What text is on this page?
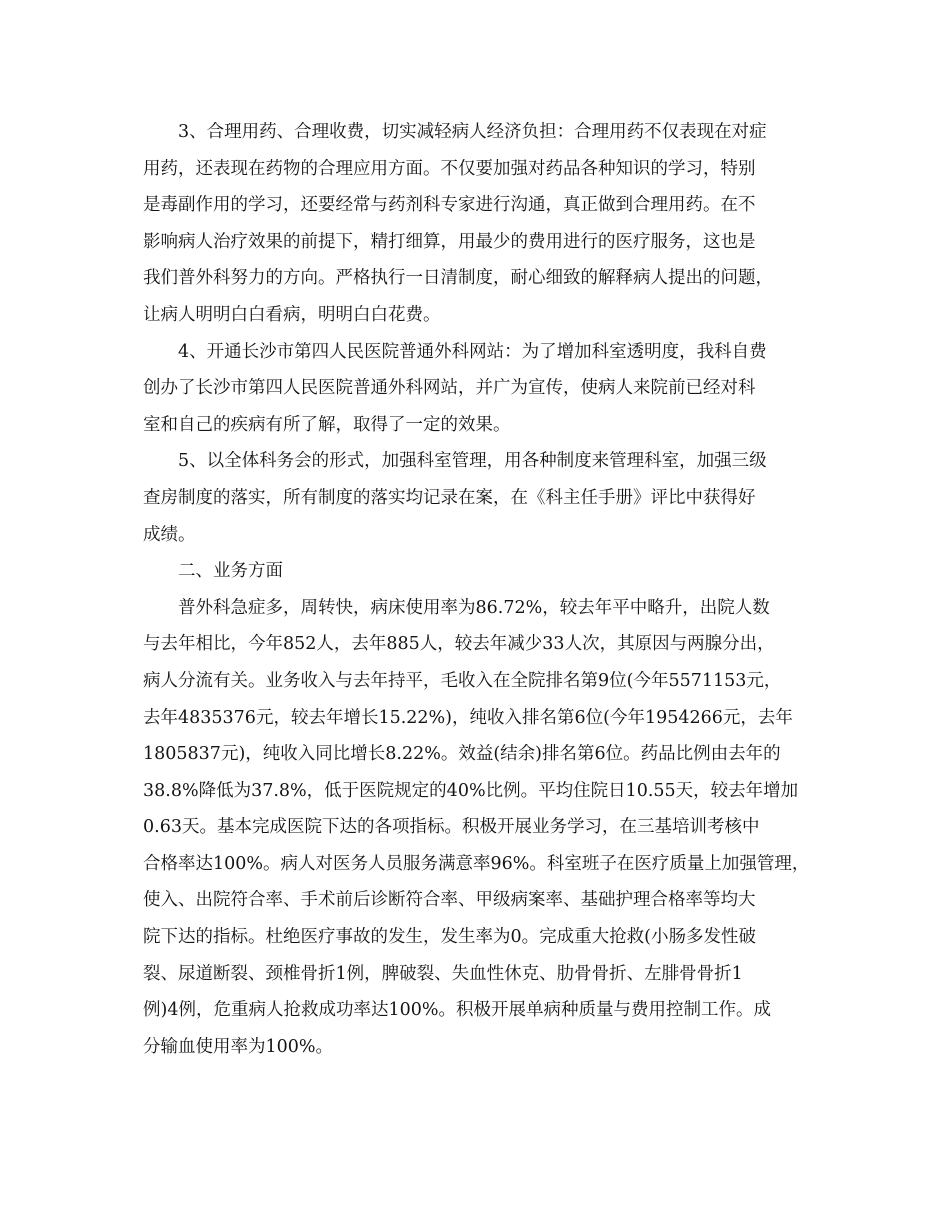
3、合理用药、合理收费，切实减轻病人经济负担：合理用药不仅表现在对症
用药，还表现在药物的合理应用方面。不仅要加强对药品各种知识的学习，特别
是毒副作用的学习，还要经常与药剂科专家进行沟通，真正做到合理用药。在不
影响病人治疗效果的前提下，精打细算，用最少的费用进行的医疗服务，这也是
我们普外科努力的方向。严格执行一日清制度，耐心细致的解释病人提出的问题，
让病人明明白白看病，明明白白花费。
4、开通长沙市第四人民医院普通外科网站：为了增加科室透明度，我科自费
创办了长沙市第四人民医院普通外科网站，并广为宣传，使病人来院前已经对科
室和自己的疾病有所了解，取得了一定的效果。
5、以全体科务会的形式，加强科室管理，用各种制度来管理科室，加强三级
查房制度的落实，所有制度的落实均记录在案，在《科主任手册》评比中获得好
成绩。
二、业务方面
普外科急症多，周转快，病床使用率为86.72%，较去年平中略升，出院人数
与去年相比，今年852人，去年885人，较去年减少33人次，其原因与两腺分出，
病人分流有关。业务收入与去年持平，毛收入在全院排名第9位(今年5571153元，
去年4835376元，较去年增长15.22%)，纯收入排名第6位(今年1954266元，去年
1805837元)，纯收入同比增长8.22%。效益(结余)排名第6位。药品比例由去年的
38.8%降低为37.8%，低于医院规定的40%比例。平均住院日10.55天，较去年增加
0.63天。基本完成医院下达的各项指标。积极开展业务学习，在三基培训考核中
合格率达100%。病人对医务人员服务满意率96%。科室班子在医疗质量上加强管理，
使入、出院符合率、手术前后诊断符合率、甲级病案率、基础护理合格率等均大
院下达的指标。杜绝医疗事故的发生，发生率为0。完成重大抢救(小肠多发性破
裂、尿道断裂、颈椎骨折1例，脾破裂、失血性休克、肋骨骨折、左腓骨骨折1
例)4例，危重病人抢救成功率达100%。积极开展单病种质量与费用控制工作。成
分输血使用率为100%。
